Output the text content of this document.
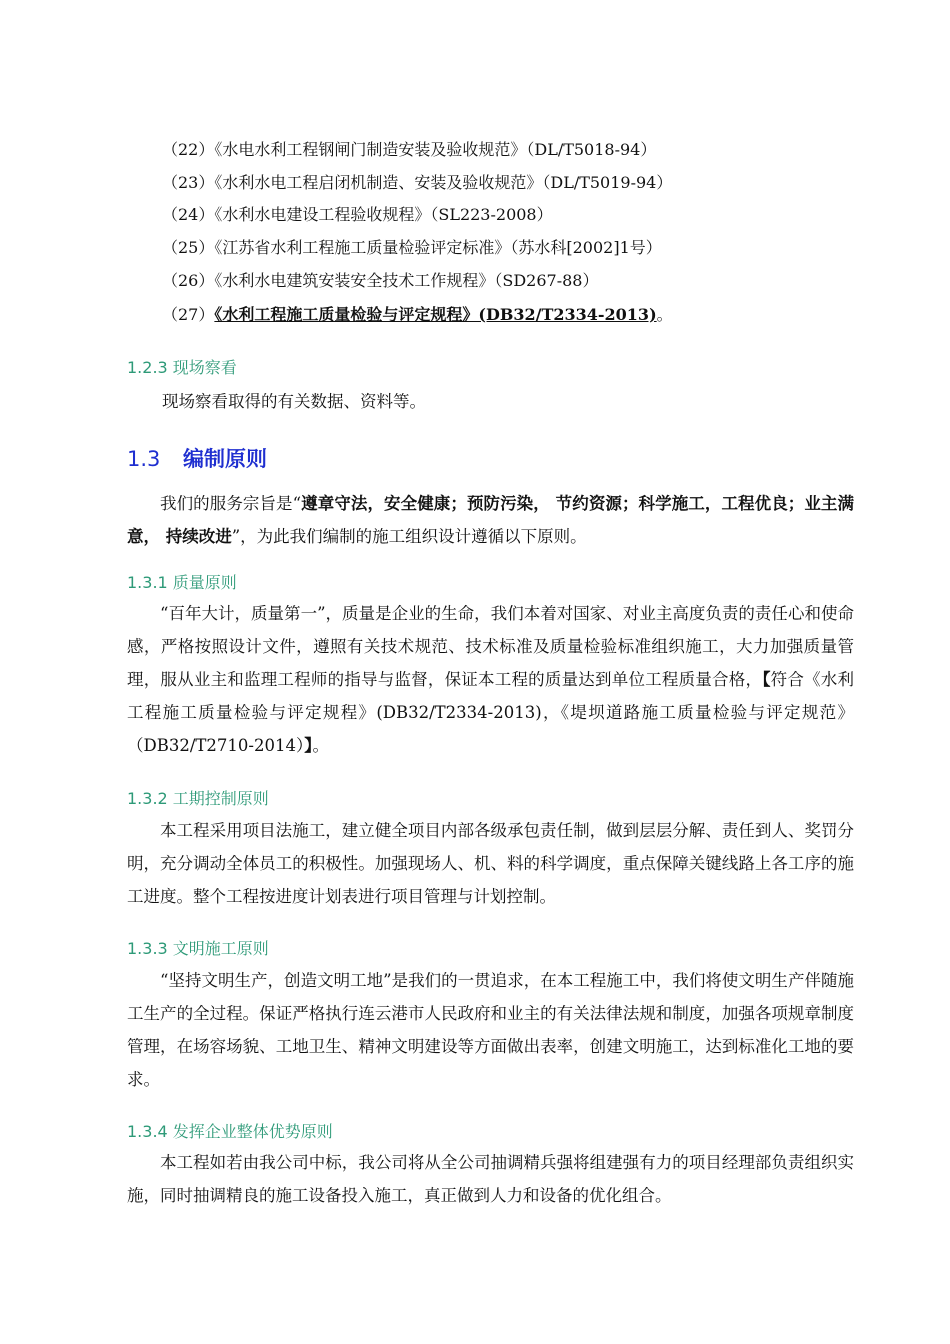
（22）《水电水利工程钢闸门制造安装及验收规范》（DL/T5018-94）
（23）《水利水电工程启闭机制造、安装及验收规范》（DL/T5019-94）
（24）《水利水电建设工程验收规程》（SL223-2008）
（25）《江苏省水利工程施工质量检验评定标准》（苏水科[2002]1号）
（26）《水利水电建筑安装安全技术工作规程》（SD267-88）
（27）《水利工程施工质量检验与评定规程》(DB32/T2334-2013)。
1.2.3 现场察看
现场察看取得的有关数据、资料等。
1.3 编制原则

我们的服务宗旨是“遵章守法，安全健康；预防污染， 节约资源；科学施工，工程优良；业主满意， 持续改进”，为此我们编制的施工组织设计遵循以下原则。

1.3.1 质量原则

“百年大计，质量第一”，质量是企业的生命，我们本着对国家、对业主高度负责的责任心和使命感，严格按照设计文件，遵照有关技术规范、技术标准及质量检验标准组织施工，大力加强质量管理，服从业主和监理工程师的指导与监督，保证本工程的质量达到单位工程质量合格，【符合《水利工程施工质量检验与评定规程》(DB32/T2334-2013)，《堤坝道路施工质量检验与评定规范》（DB32/T2710-2014）】。

1.3.2 工期控制原则

本工程采用项目法施工，建立健全项目内部各级承包责任制，做到层层分解、责任到人、奖罚分明，充分调动全体员工的积极性。加强现场人、机、料的科学调度，重点保障关键线路上各工序的施工进度。整个工程按进度计划表进行项目管理与计划控制。

1.3.3 文明施工原则

“坚持文明生产，创造文明工地”是我们的一贯追求，在本工程施工中，我们将使文明生产伴随施工生产的全过程。保证严格执行连云港市人民政府和业主的有关法律法规和制度，加强各项规章制度管理，在场容场貌、工地卫生、精神文明建设等方面做出表率，创建文明施工，达到标准化工地的要求。

1.3.4 发挥企业整体优势原则

本工程如若由我公司中标，我公司将从全公司抽调精兵强将组建强有力的项目经理部负责组织实施，同时抽调精良的施工设备投入施工，真正做到人力和设备的优化组合。
